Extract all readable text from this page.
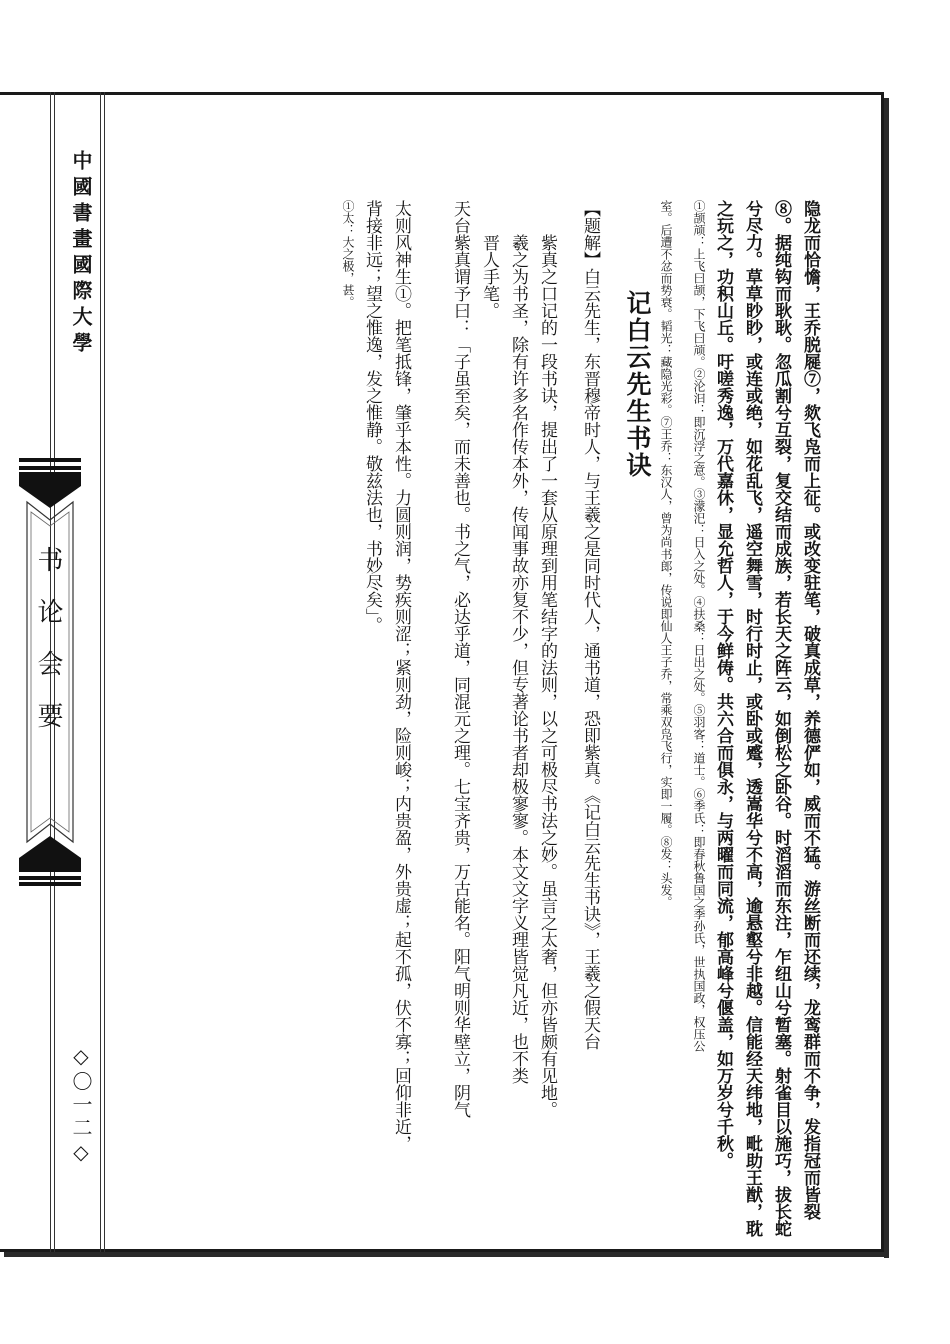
中國書畫國際大學
书论会要
◇〇一二◇	隐龙而恰憺，王乔脱屣⑦，欻飞凫而上征。或改变驻笔，破真成草，养德俨如，威而不猛。游丝断而还续，龙鸾群而不争，发指冠而皆裂⑧。据纯钩而耿耿。忽瓜割兮互裂，复交结而成族，若长天之阵云，如倒松之卧谷。时滔滔而东注，乍纽山兮暂塞。射雀目以施巧，拔长蛇兮尽力。草草眇眇，或连或绝，如花乱飞，遥空舞雪，时行时止，或卧或蹙，透嵩华兮不高，逾悬壑兮非越。信能经天纬地，毗助王猷，耽之玩之，功积山丘。吁嗟秀逸，万代嘉休，显允哲人，于今鲜俦。共六合而俱永，与两曜而同流，郁高峰兮偃盖，如万岁兮千秋。

①颉颃：上飞曰颉，下飞曰颃。②沦汩：即沉浮之意。③濛汜：日入之处。④扶桑：日出之处。⑤羽客：道士。⑥季氏：即春秋鲁国之季孙氏，世执国政，权压公

室。后遭不忿而势衰。韬光：藏隐光彩。⑦王乔：东汉人，曾为尚书郎，传说即仙人王子乔，常乘双凫飞行，实即一履。⑧发：头发。

记白云先生书诀

【题解】白云先生，东晋穆帝时人，与王羲之是同时代人，通书道，恐即紫真。《记白云先生书诀》，王羲之假天台

紫真之口记的一段书诀，提出了一套从原理到用笔结字的法则，以之可极尽书法之妙。虽言之太奢，但亦皆颇有见地。

羲之为书圣，除有许多名作传本外，传闻事故亦复不少，但专著论书者却极寥寥。本文文字义理皆觉凡近，也不类

晋人手笔。

天台紫真谓予曰：「子虽至矣，而未善也。书之气，必达乎道，同混元之理。七宝齐贵，万古能名。阳气明则华壁立，阴气

太则风神生①。把笔抵锋，肇乎本性。力圆则润，势疾则涩；紧则劲，险则峻；内贵盈，外贵虚；起不孤，伏不寡；回仰非近，

背接非远；望之惟逸，发之惟静。敬兹法也，书妙尽矣」。

①太：大之极，甚。
